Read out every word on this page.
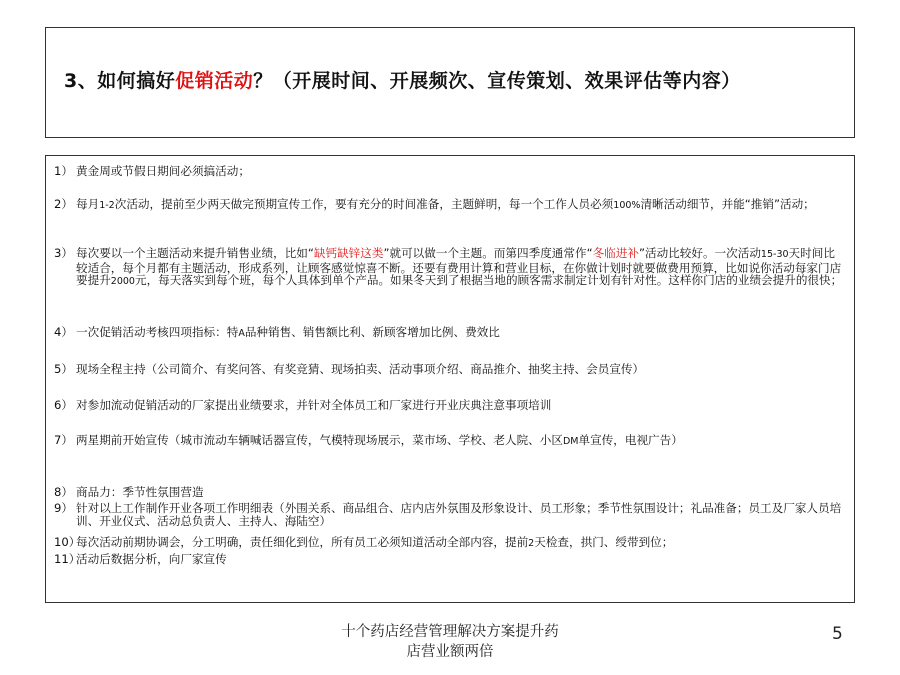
3、如何搞好促销活动？（开展时间、开展频次、宣传策划、效果评估等内容）
1） 黄金周或节假日期间必须搞活动；
2） 每月1-2次活动，提前至少两天做完预期宣传工作，要有充分的时间准备，主题鲜明，每一个工作人员必须100%清晰活动细节，并能“推销”活动；
3） 每次要以一个主题活动来提升销售业绩，比如“缺钙缺锌这类”就可以做一个主题。而第四季度通常作“冬临进补”活动比较好。一次活动15-30天时间比较适合，每个月都有主题活动，形成系列，让顾客感觉惊喜不断。还要有费用计算和营业目标，在你做计划时就要做费用预算，比如说你活动每家门店要提升2000元，每天落实到每个班，每个人具体到单个产品。如果冬天到了根据当地的顾客需求制定计划有针对性。这样你门店的业绩会提升的很快；
4） 一次促销活动考核四项指标：特A品种销售、销售额比利、新顾客增加比例、费效比
5） 现场全程主持（公司简介、有奖问答、有奖竞猜、现场拍卖、活动事项介绍、商品推介、抽奖主持、会员宣传）
6） 对参加流动促销活动的厂家提出业绩要求，并针对全体员工和厂家进行开业庆典注意事项培训
7） 两星期前开始宣传（城市流动车辆喊话器宣传，气模特现场展示，菜市场、学校、老人院、小区DM单宣传，电视广告）
8） 商品力：季节性氛围营造
9） 针对以上工作制作开业各项工作明细表（外围关系、商品组合、店内店外氛围及形象设计、员工形象；季节性氛围设计；礼品准备；员工及厂家人员培训、开业仪式、活动总负责人、主持人、海陆空）
10）每次活动前期协调会，分工明确，责任细化到位，所有员工必须知道活动全部内容，提前2天检查，拱门、绶带到位；
11）活动后数据分析，向厂家宣传
十个药店经营管理解决方案提升药
店营业额两倍
5
